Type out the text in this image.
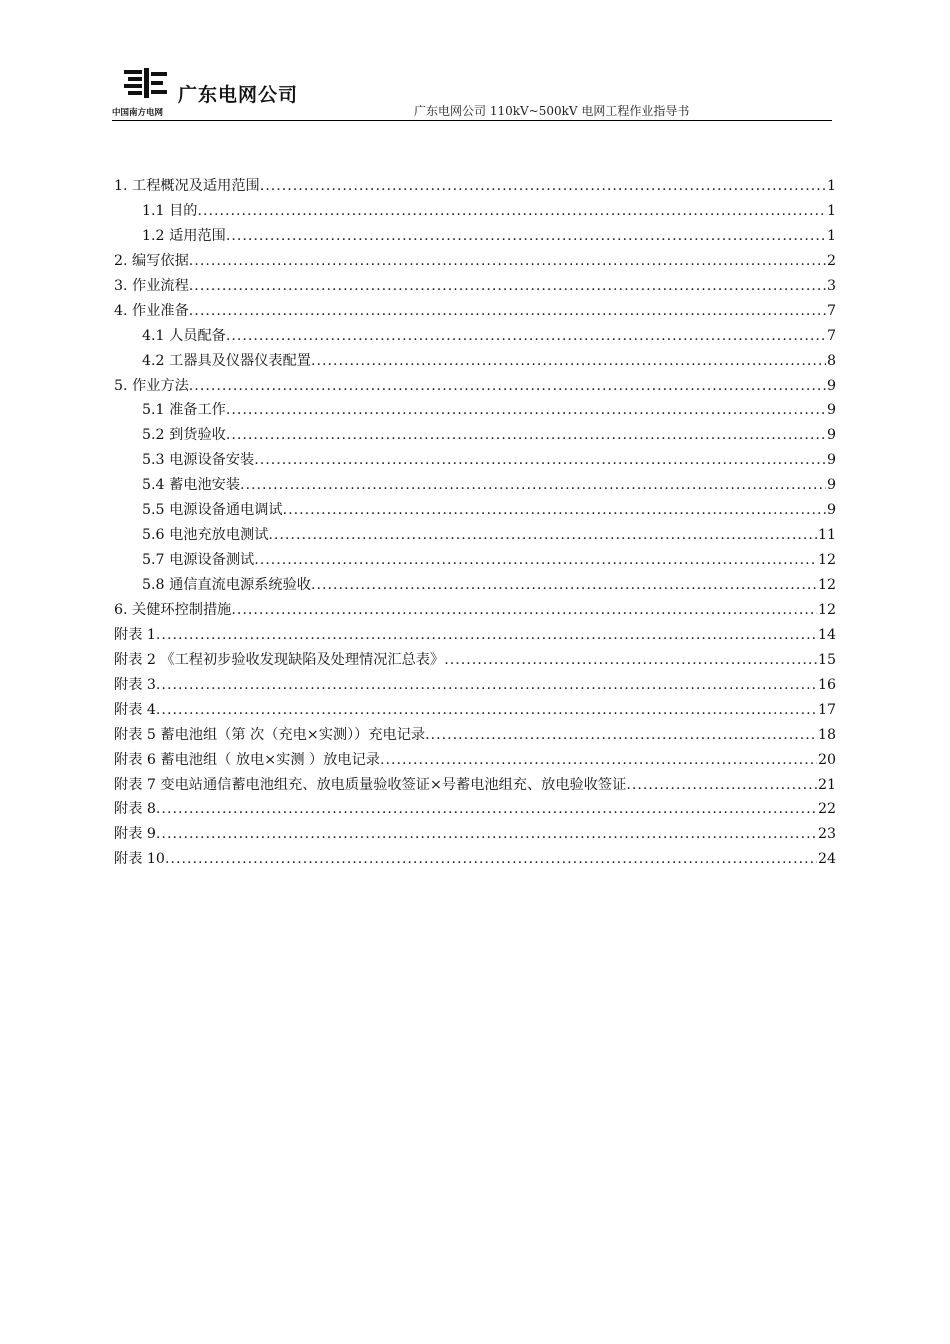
广东电网公司
中国南方电网	广东电网公司 110kV~500kV 电网工程作业指导书
1. 工程概况及适用范围 .....	1
1.1 目的 .....	1
1.2 适用范围 .....	1
2. 编写依据 .....	2
3. 作业流程 .....	3
4. 作业准备 .....	7
4.1 人员配备 .....	7
4.2 工器具及仪器仪表配置 .....	8
5. 作业方法 .....	9
5.1 准备工作 .....	9
5.2 到货验收 .....	9
5.3 电源设备安装 .....	9
5.4 蓄电池安装 .....	9
5.5 电源设备通电调试 .....	9
5.6 电池充放电测试 .....	11
5.7 电源设备测试 .....	12
5.8 通信直流电源系统验收 .....	12
6. 关健环控制措施 .....	12
附表 1 .....	14
附表 2 《工程初步验收发现缺陷及处理情况汇总表》 .....	15
附表 3 .....	16
附表 4 .....	17
附表 5 蓄电池组（第 次（充电×实测））充电记录 .....	18
附表 6 蓄电池组（ 放电×实测 ）放电记录 .....	20
附表 7 变电站通信蓄电池组充、放电质量验收签证×号蓄电池组充、放电验收签证 .....	21
附表 8 .....	22
附表 9 .....	23
附表 10 .....	24
